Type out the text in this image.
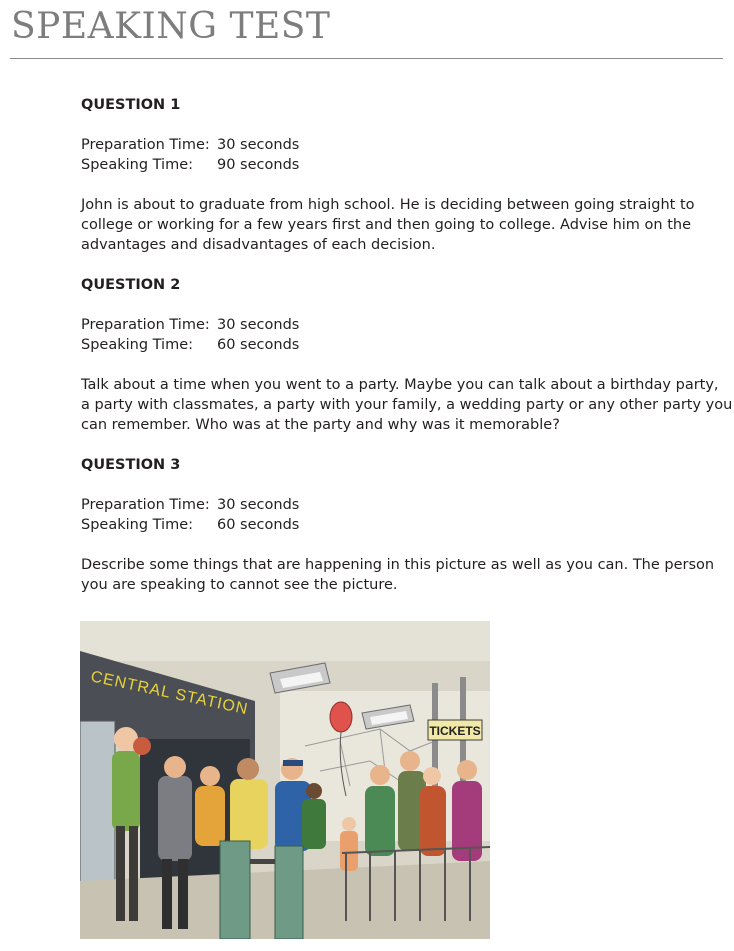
SPEAKING TEST
QUESTION 1
Preparation Time: 30 seconds
Speaking Time:	90 seconds
John is about to graduate from high school. He is deciding between going straight to
college or working for a few years first and then going to college. Advise him on the
advantages and disadvantages of each decision.
QUESTION 2
Preparation Time: 30 seconds
Speaking Time:	60 seconds
Talk about a time when you went to a party. Maybe you can talk about a birthday party,
a party with classmates, a party with your family, a wedding party or any other party you
can remember. Who was at the party and why was it memorable?
QUESTION 3
Preparation Time: 30 seconds
Speaking Time:	60 seconds
Describe some things that are happening in this picture as well as you can. The person
you are speaking to cannot see the picture.
CENTRAL STATION
TICKETS
